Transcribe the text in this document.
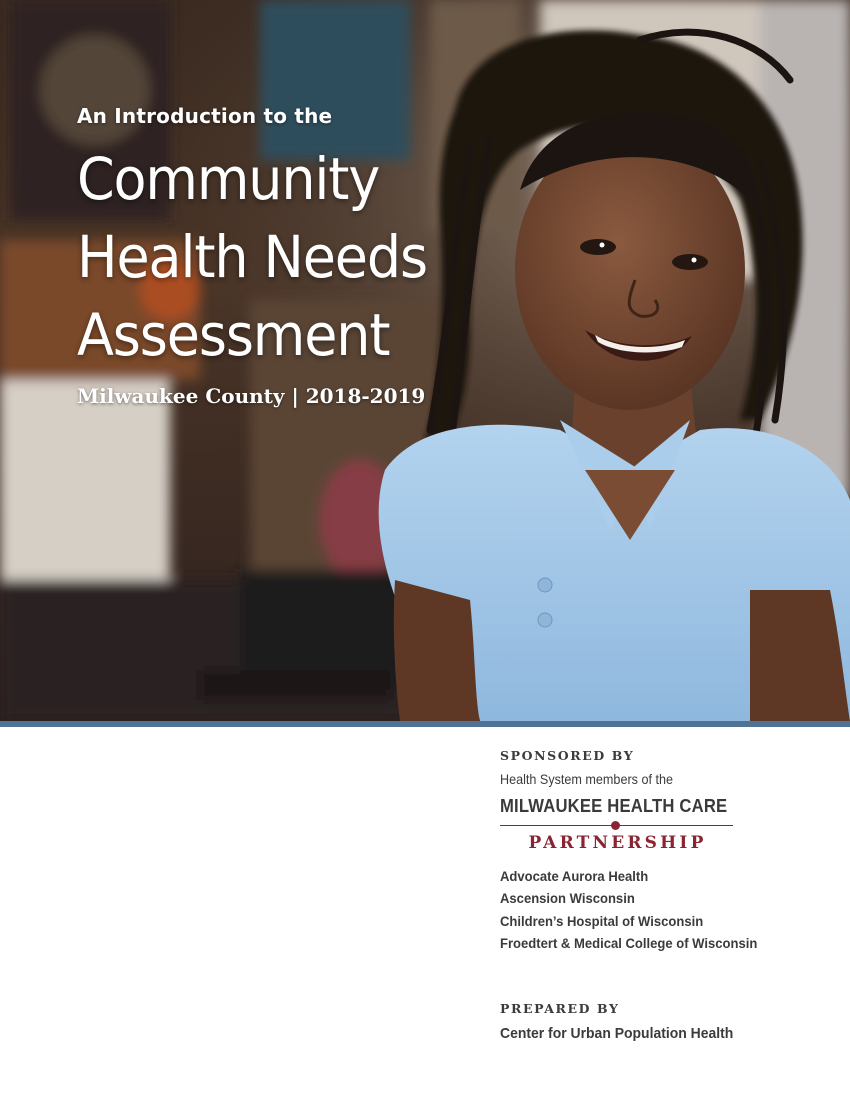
An Introduction to the
Community
Health Needs
Assessment
Milwaukee County | 2018-2019
SPONSORED BY
Health System members of the
MILWAUKEE HEALTH CARE
PARTNERSHIP
Advocate Aurora Health
Ascension Wisconsin
Children’s Hospital of Wisconsin
Froedtert & Medical College of Wisconsin
PREPARED BY
Center for Urban Population Health
